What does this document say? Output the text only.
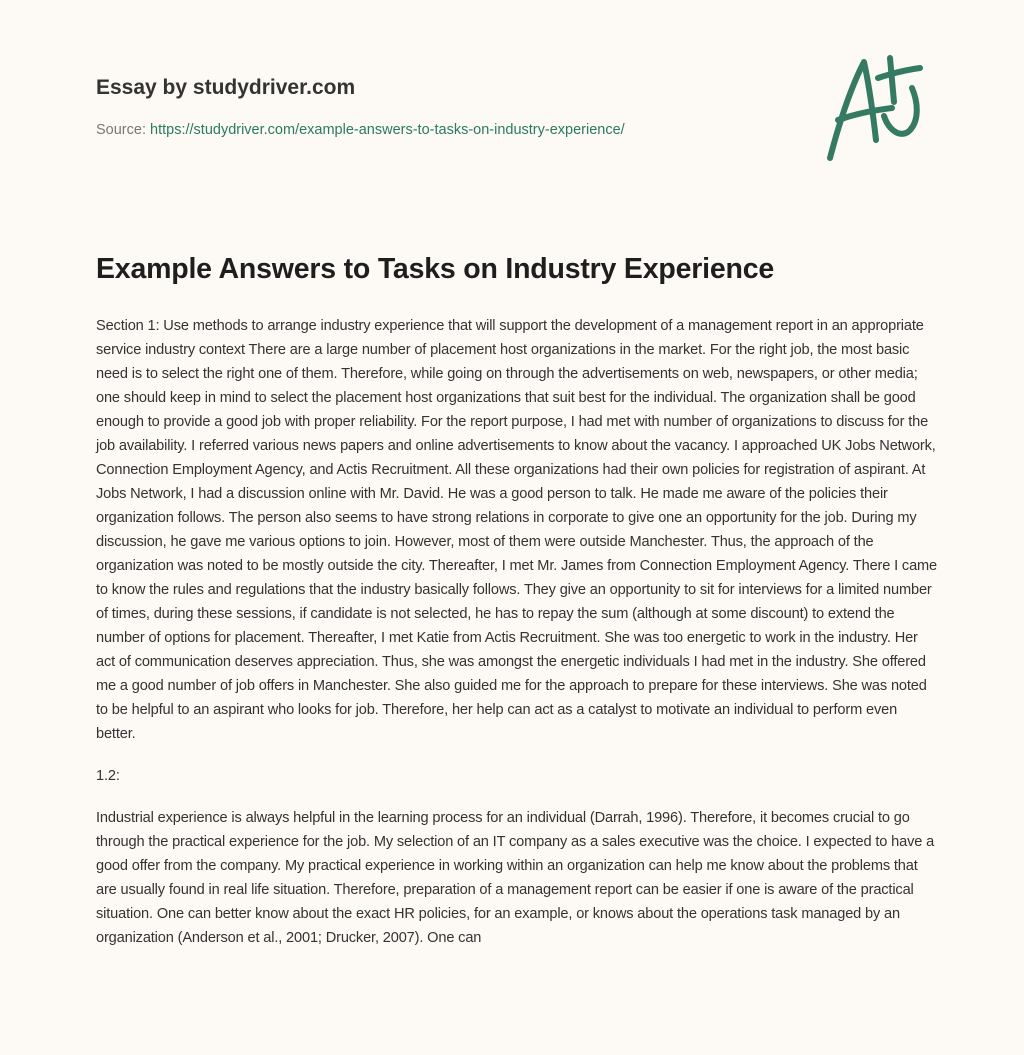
Essay by studydriver.com
Source: https://studydriver.com/example-answers-to-tasks-on-industry-experience/
Example Answers to Tasks on Industry Experience

Section 1: Use methods to arrange industry experience that will support the development of a management report in an appropriate service industry context There are a large number of placement host organizations in the market. For the right job, the most basic need is to select the right one of them. Therefore, while going on through the advertisements on web, newspapers, or other media; one should keep in mind to select the placement host organizations that suit best for the individual. The organization shall be good enough to provide a good job with proper reliability. For the report purpose, I had met with number of organizations to discuss for the job availability. I referred various news papers and online advertisements to know about the vacancy. I approached UK Jobs Network, Connection Employment Agency, and Actis Recruitment. All these organizations had their own policies for registration of aspirant. At Jobs Network, I had a discussion online with Mr. David. He was a good person to talk. He made me aware of the policies their organization follows. The person also seems to have strong relations in corporate to give one an opportunity for the job. During my discussion, he gave me various options to join. However, most of them were outside Manchester. Thus, the approach of the organization was noted to be mostly outside the city. Thereafter, I met Mr. James from Connection Employment Agency. There I came to know the rules and regulations that the industry basically follows. They give an opportunity to sit for interviews for a limited number of times, during these sessions, if candidate is not selected, he has to repay the sum (although at some discount) to extend the number of options for placement. Thereafter, I met Katie from Actis Recruitment. She was too energetic to work in the industry. Her act of communication deserves appreciation. Thus, she was amongst the energetic individuals I had met in the industry. She offered me a good number of job offers in Manchester. She also guided me for the approach to prepare for these interviews. She was noted to be helpful to an aspirant who looks for job. Therefore, her help can act as a catalyst to motivate an individual to perform even better.

1.2:

Industrial experience is always helpful in the learning process for an individual (Darrah, 1996). Therefore, it becomes crucial to go through the practical experience for the job. My selection of an IT company as a sales executive was the choice. I expected to have a good offer from the company. My practical experience in working within an organization can help me know about the problems that are usually found in real life situation. Therefore, preparation of a management report can be easier if one is aware of the practical situation. One can better know about the exact HR policies, for an example, or knows about the operations task managed by an organization (Anderson et al., 2001; Drucker, 2007). One can
